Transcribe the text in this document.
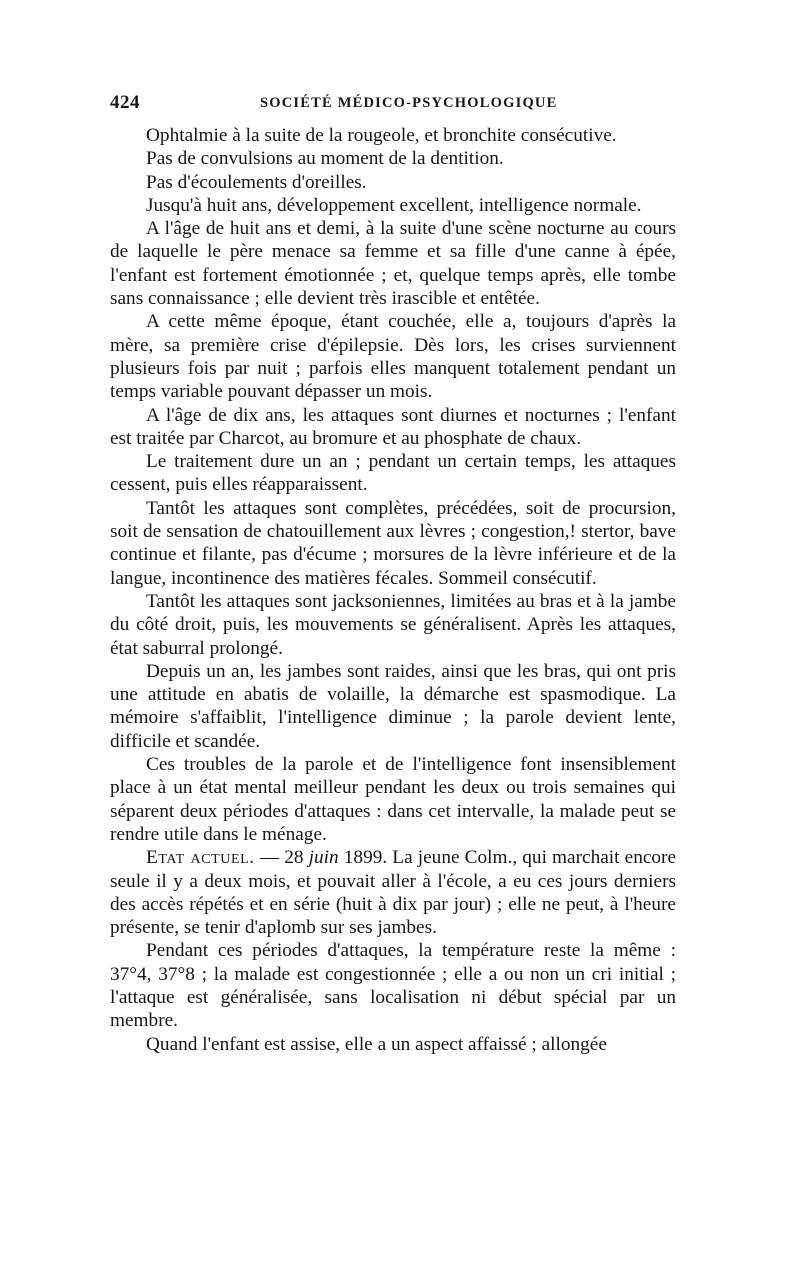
424	SOCIÉTÉ MÉDICO-PSYCHOLOGIQUE

Ophtalmie à la suite de la rougeole, et bronchite consécutive.

Pas de convulsions au moment de la dentition.

Pas d'écoulements d'oreilles.

Jusqu'à huit ans, développement excellent, intelligence normale.

A l'âge de huit ans et demi, à la suite d'une scène nocturne au cours de laquelle le père menace sa femme et sa fille d'une canne à épée, l'enfant est fortement émotionnée ; et, quelque temps après, elle tombe sans connaissance ; elle devient très irascible et entêtée.

A cette même époque, étant couchée, elle a, toujours d'après la mère, sa première crise d'épilepsie. Dès lors, les crises surviennent plusieurs fois par nuit ; parfois elles manquent totalement pendant un temps variable pouvant dépasser un mois.

A l'âge de dix ans, les attaques sont diurnes et nocturnes ; l'enfant est traitée par Charcot, au bromure et au phosphate de chaux.

Le traitement dure un an ; pendant un certain temps, les attaques cessent, puis elles réapparaissent.

Tantôt les attaques sont complètes, précédées, soit de procursion, soit de sensation de chatouillement aux lèvres ; congestion,! stertor, bave continue et filante, pas d'écume ; morsures de la lèvre inférieure et de la langue, incontinence des matières fécales. Sommeil consécutif.

Tantôt les attaques sont jacksoniennes, limitées au bras et à la jambe du côté droit, puis, les mouvements se généralisent. Après les attaques, état saburral prolongé.

Depuis un an, les jambes sont raides, ainsi que les bras, qui ont pris une attitude en abatis de volaille, la démarche est spasmodique. La mémoire s'affaiblit, l'intelligence diminue ; la parole devient lente, difficile et scandée.

Ces troubles de la parole et de l'intelligence font insensiblement place à un état mental meilleur pendant les deux ou trois semaines qui séparent deux périodes d'attaques : dans cet intervalle, la malade peut se rendre utile dans le ménage.

Etat actuel. — 28 juin 1899. La jeune Colm., qui marchait encore seule il y a deux mois, et pouvait aller à l'école, a eu ces jours derniers des accès répétés et en série (huit à dix par jour) ; elle ne peut, à l'heure présente, se tenir d'aplomb sur ses jambes.

Pendant ces périodes d'attaques, la température reste la même : 37°4, 37°8 ; la malade est congestionnée ; elle a ou non un cri initial ; l'attaque est généralisée, sans localisation ni début spécial par un membre.

Quand l'enfant est assise, elle a un aspect affaissé ; allongée
